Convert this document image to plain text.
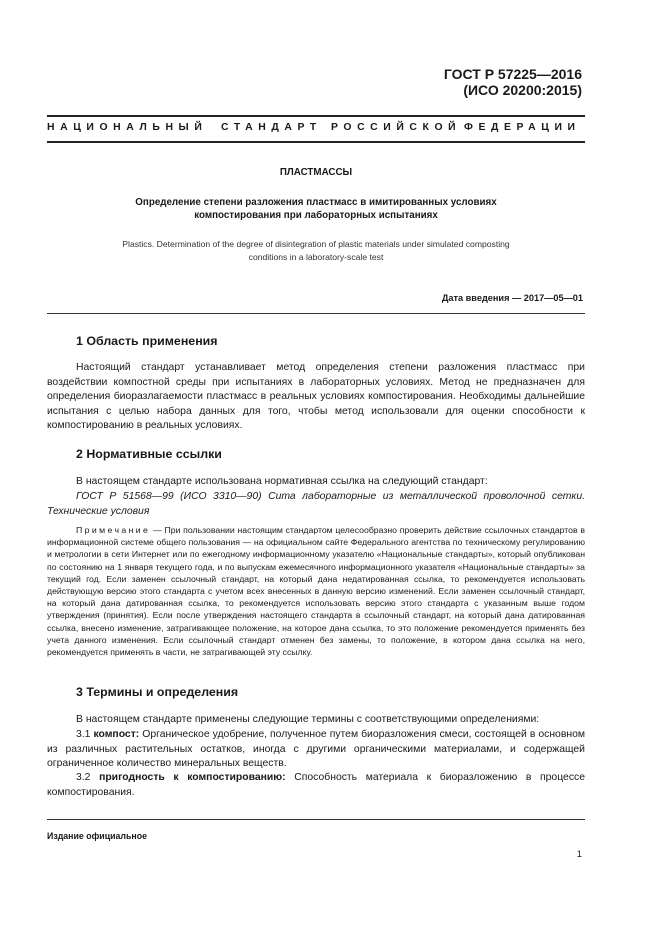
ГОСТ Р 57225—2016
(ИСО 20200:2015)
НАЦИОНАЛЬНЫЙ СТАНДАРТ РОССИЙСКОЙ ФЕДЕРАЦИИ
ПЛАСТМАССЫ
Определение степени разложения пластмасс в имитированных условиях
компостирования при лабораторных испытаниях
Plastics. Determination of the degree of disintegration of plastic materials under simulated composting
conditions in a laboratory-scale test
Дата введения — 2017—05—01
1 Область применения
Настоящий стандарт устанавливает метод определения степени разложения пластмасс при воздействии компостной среды при испытаниях в лабораторных условиях. Метод не предназначен для определения биоразлагаемости пластмасс в реальных условиях компостирования. Необходимы дальнейшие испытания с целью набора данных для того, чтобы метод использовали для оценки способности к компостированию в реальных условиях.
2 Нормативные ссылки
В настоящем стандарте использована нормативная ссылка на следующий стандарт:
ГОСТ Р 51568—99 (ИСО 3310—90) Сита лабораторные из металлической проволочной сетки. Технические условия
Примечание — При пользовании настоящим стандартом целесообразно проверить действие ссылочных стандартов в информационной системе общего пользования — на официальном сайте Федерального агентства по техническому регулированию и метрологии в сети Интернет или по ежегодному информационному указателю «Национальные стандарты», который опубликован по состоянию на 1 января текущего года, и по выпускам ежемесячного информационного указателя «Национальные стандарты» за текущий год. Если заменен ссылочный стандарт, на который дана недатированная ссылка, то рекомендуется использовать действующую версию этого стандарта с учетом всех внесенных в данную версию изменений. Если заменен ссылочный стандарт, на который дана датированная ссылка, то рекомендуется использовать версию этого стандарта с указанным выше годом утверждения (принятия). Если после утверждения настоящего стандарта в ссылочный стандарт, на который дана датированная ссылка, внесено изменение, затрагивающее положение, на которое дана ссылка, то это положение рекомендуется применять без учета данного изменения. Если ссылочный стандарт отменен без замены, то положение, в котором дана ссылка на него, рекомендуется применять в части, не затрагивающей эту ссылку.
3 Термины и определения
В настоящем стандарте применены следующие термины с соответствующими определениями:
3.1 компост: Органическое удобрение, полученное путем биоразложения смеси, состоящей в основном из различных растительных остатков, иногда с другими органическими материалами, и содержащей ограниченное количество минеральных веществ.
3.2 пригодность к компостированию: Способность материала к биоразложению в процессе компостирования.
Издание официальное
1
